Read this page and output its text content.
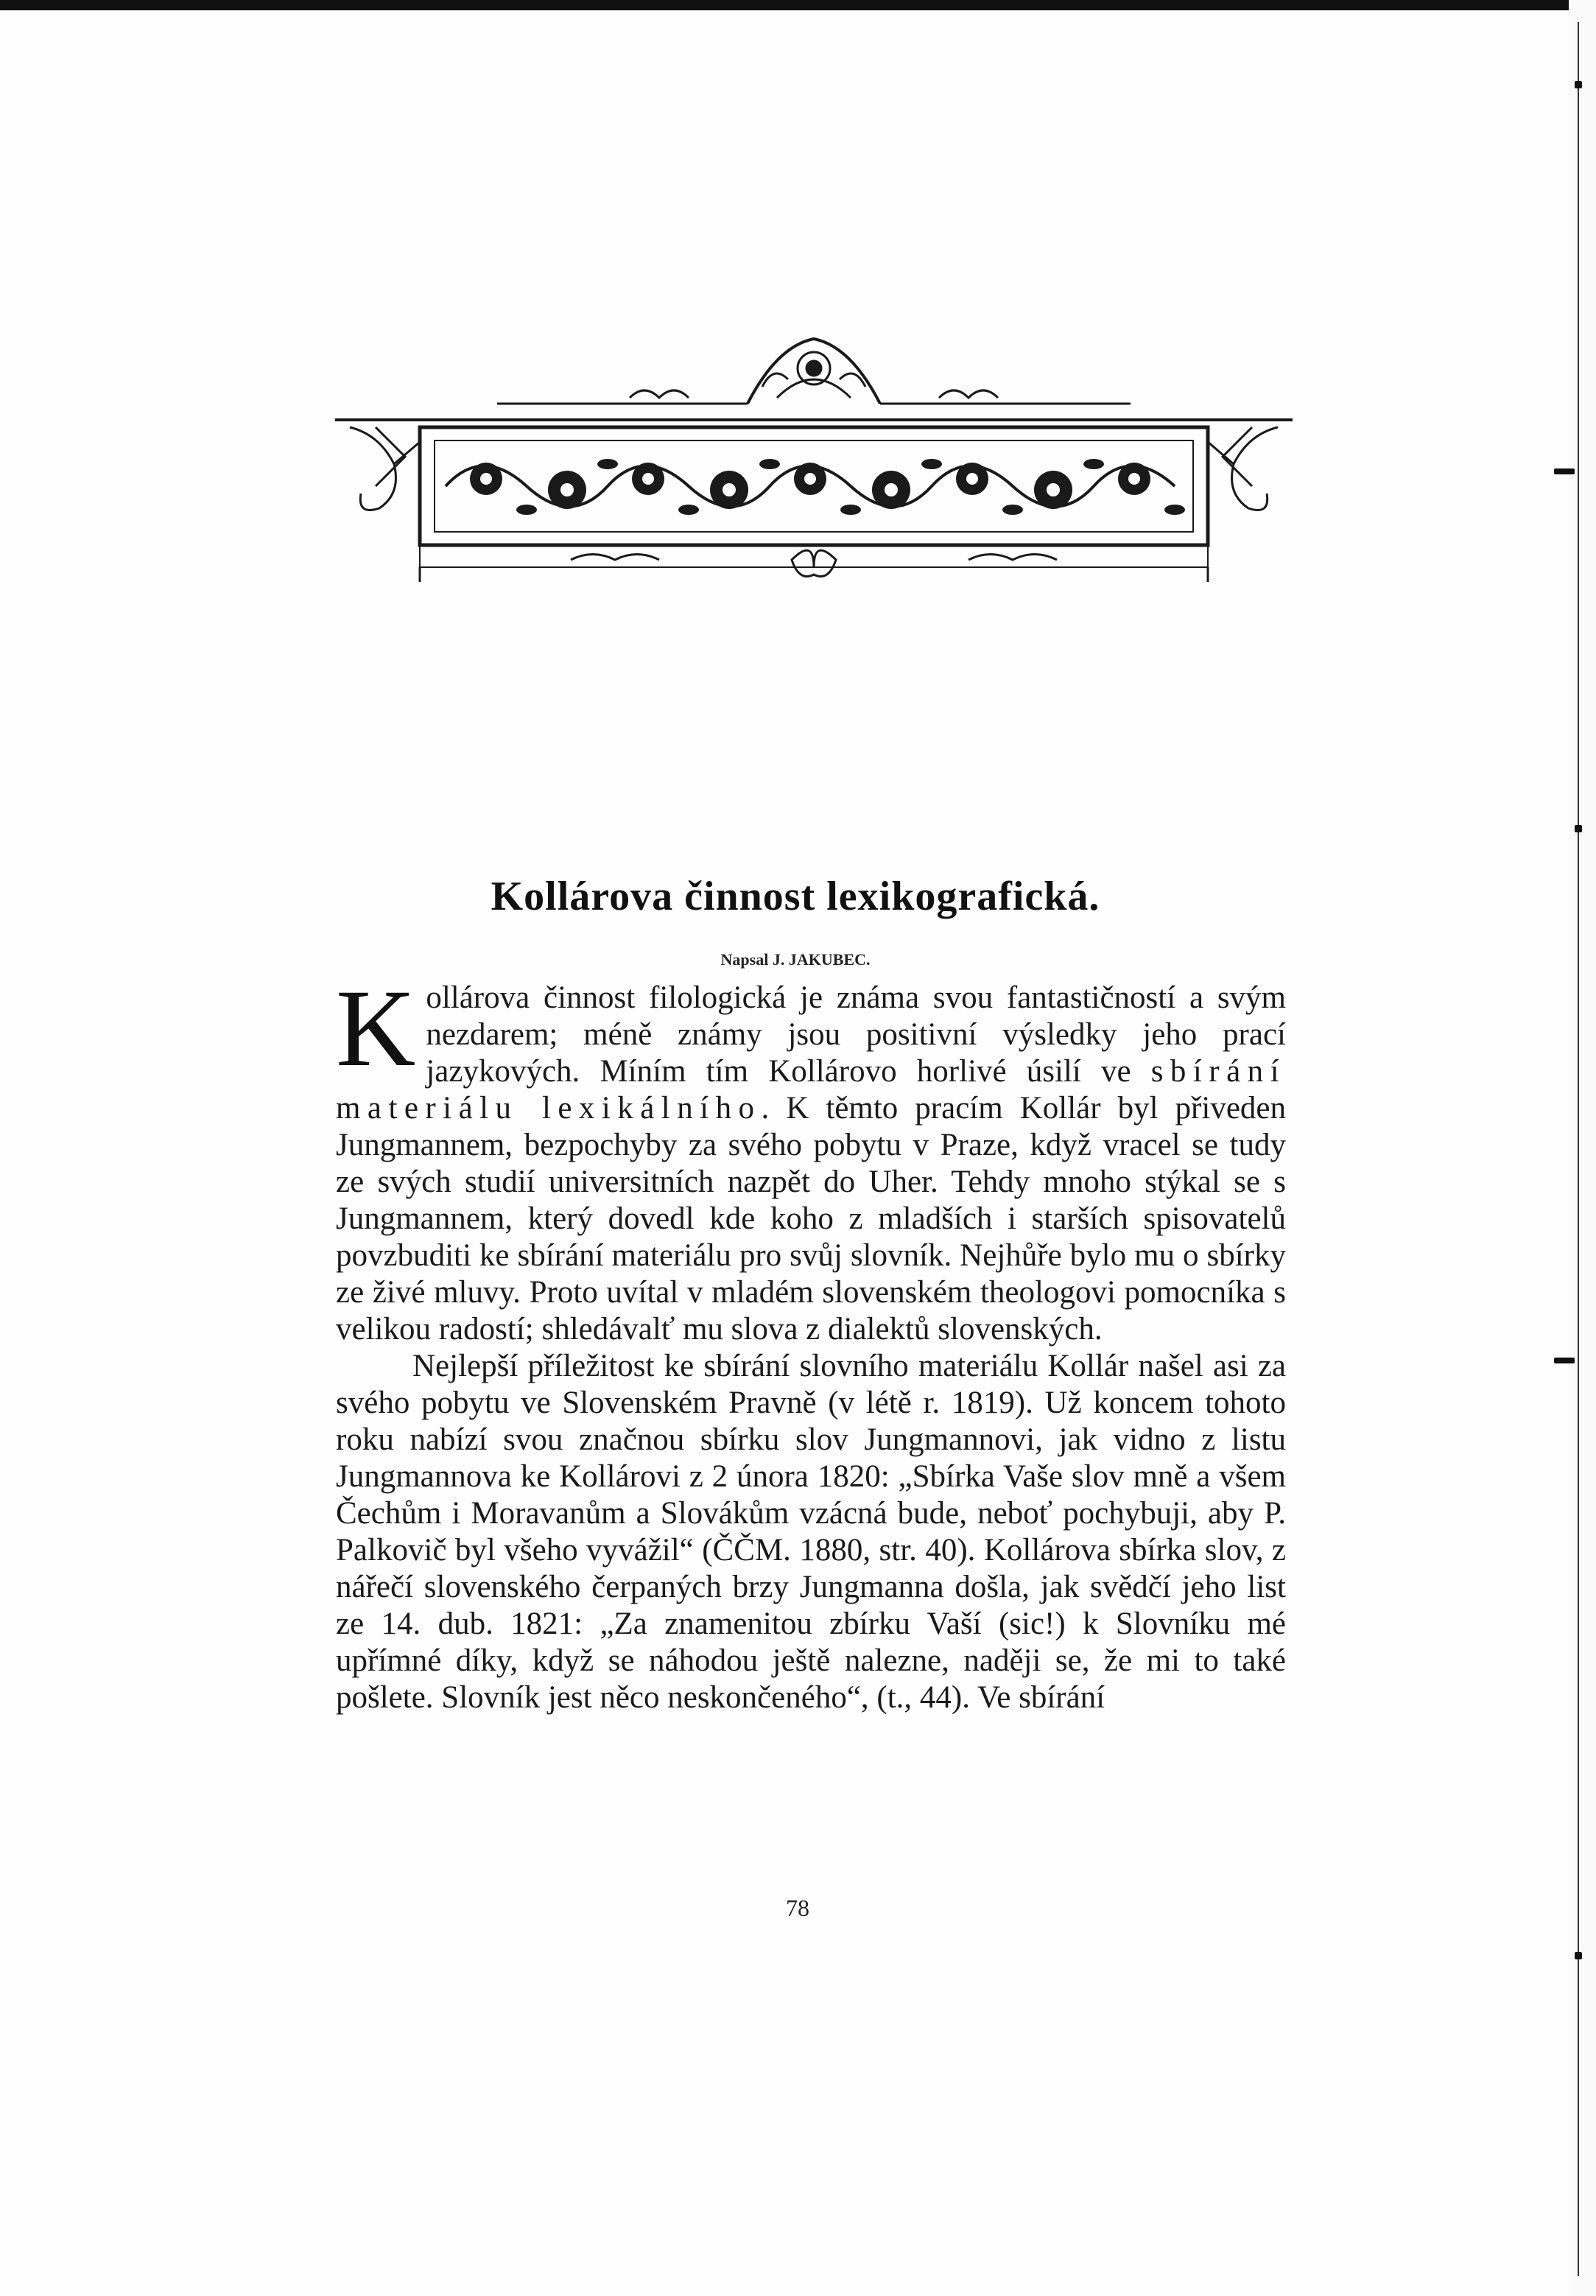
Kollárova činnost lexikografická.
Napsal J. JAKUBEC.

Kollárova činnost filologická je známa svou fantastičností a svým nezdarem; méně známy jsou positivní výsledky jeho prací jazykových. Míním tím Kollárovo horlivé úsilí ve sbírání materiálu lexikálního. K těmto pracím Kollár byl přiveden Jungmannem, bezpochyby za svého pobytu v Praze, když vracel se tudy ze svých studií universitních nazpět do Uher. Tehdy mnoho stýkal se s Jungmannem, který dovedl kde koho z mladších i starších spisovatelů povzbuditi ke sbírání materiálu pro svůj slovník. Nejhůře bylo mu o sbírky ze živé mluvy. Proto uvítal v mladém slovenském theologovi pomocníka s velikou radostí; shledávalť mu slova z dialektů slovenských.

Nejlepší příležitost ke sbírání slovního materiálu Kollár našel asi za svého pobytu ve Slovenském Pravně (v létě r. 1819). Už koncem tohoto roku nabízí svou značnou sbírku slov Jungmannovi, jak vidno z listu Jungmannova ke Kollárovi z 2 února 1820: „Sbírka Vaše slov mně a všem Čechům i Moravanům a Slovákům vzácná bude, neboť pochybuji, aby P. Palkovič byl všeho vyvážil“ (ČČM. 1880, str. 40). Kollárova sbírka slov, z nářečí slovenského čerpaných brzy Jungmanna došla, jak svědčí jeho list ze 14. dub. 1821: „Za znamenitou zbírku Vaší (sic!) k Slovníku mé upřímné díky, když se náhodou ještě nalezne, naději se, že mi to také pošlete. Slovník jest něco neskončeného“, (t., 44). Ve sbírání

78
